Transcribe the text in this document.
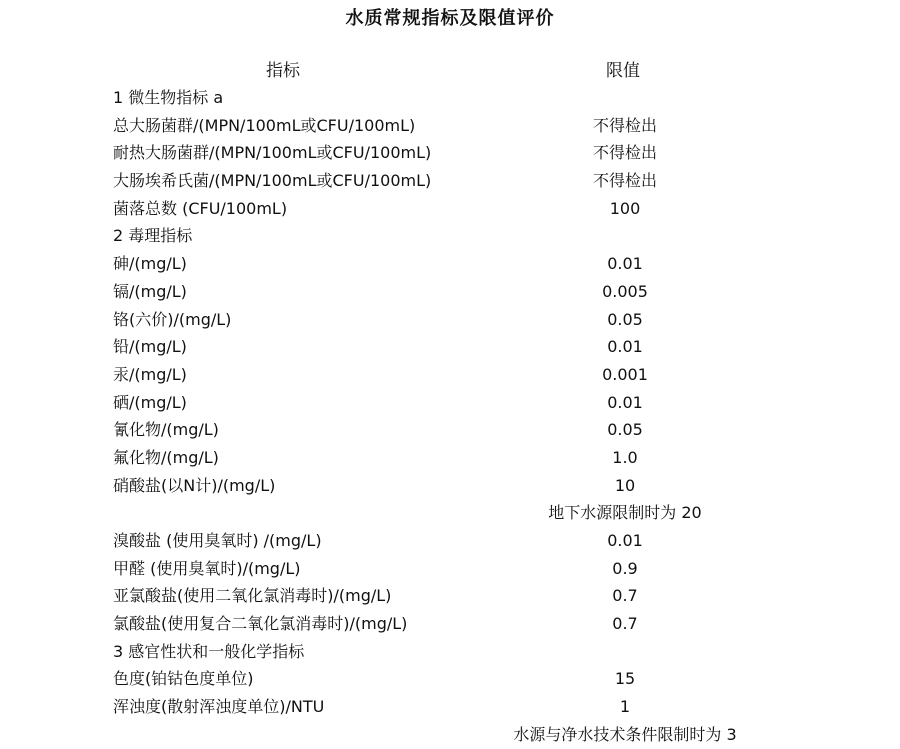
水质常规指标及限值评价
指标	限值
1 微生物指标 a
总大肠菌群/(MPN/100mL或CFU/100mL)	不得检出
耐热大肠菌群/(MPN/100mL或CFU/100mL)	不得检出
大肠埃希氏菌/(MPN/100mL或CFU/100mL)	不得检出
菌落总数 (CFU/100mL)	100
2 毒理指标
砷/(mg/L)	0.01
镉/(mg/L)	0.005
铬(六价)/(mg/L)	0.05
铅/(mg/L)	0.01
汞/(mg/L)	0.001
硒/(mg/L)	0.01
氰化物/(mg/L)	0.05
氟化物/(mg/L)	1.0
硝酸盐(以N计)/(mg/L)	10
地下水源限制时为 20
溴酸盐 (使用臭氧时) /(mg/L)	0.01
甲醛 (使用臭氧时)/(mg/L)	0.9
亚氯酸盐(使用二氧化氯消毒时)/(mg/L)	0.7
氯酸盐(使用复合二氧化氯消毒时)/(mg/L)	0.7
3 感官性状和一般化学指标
色度(铂钴色度单位)	15
浑浊度(散射浑浊度单位)/NTU	1
水源与净水技术条件限制时为 3
